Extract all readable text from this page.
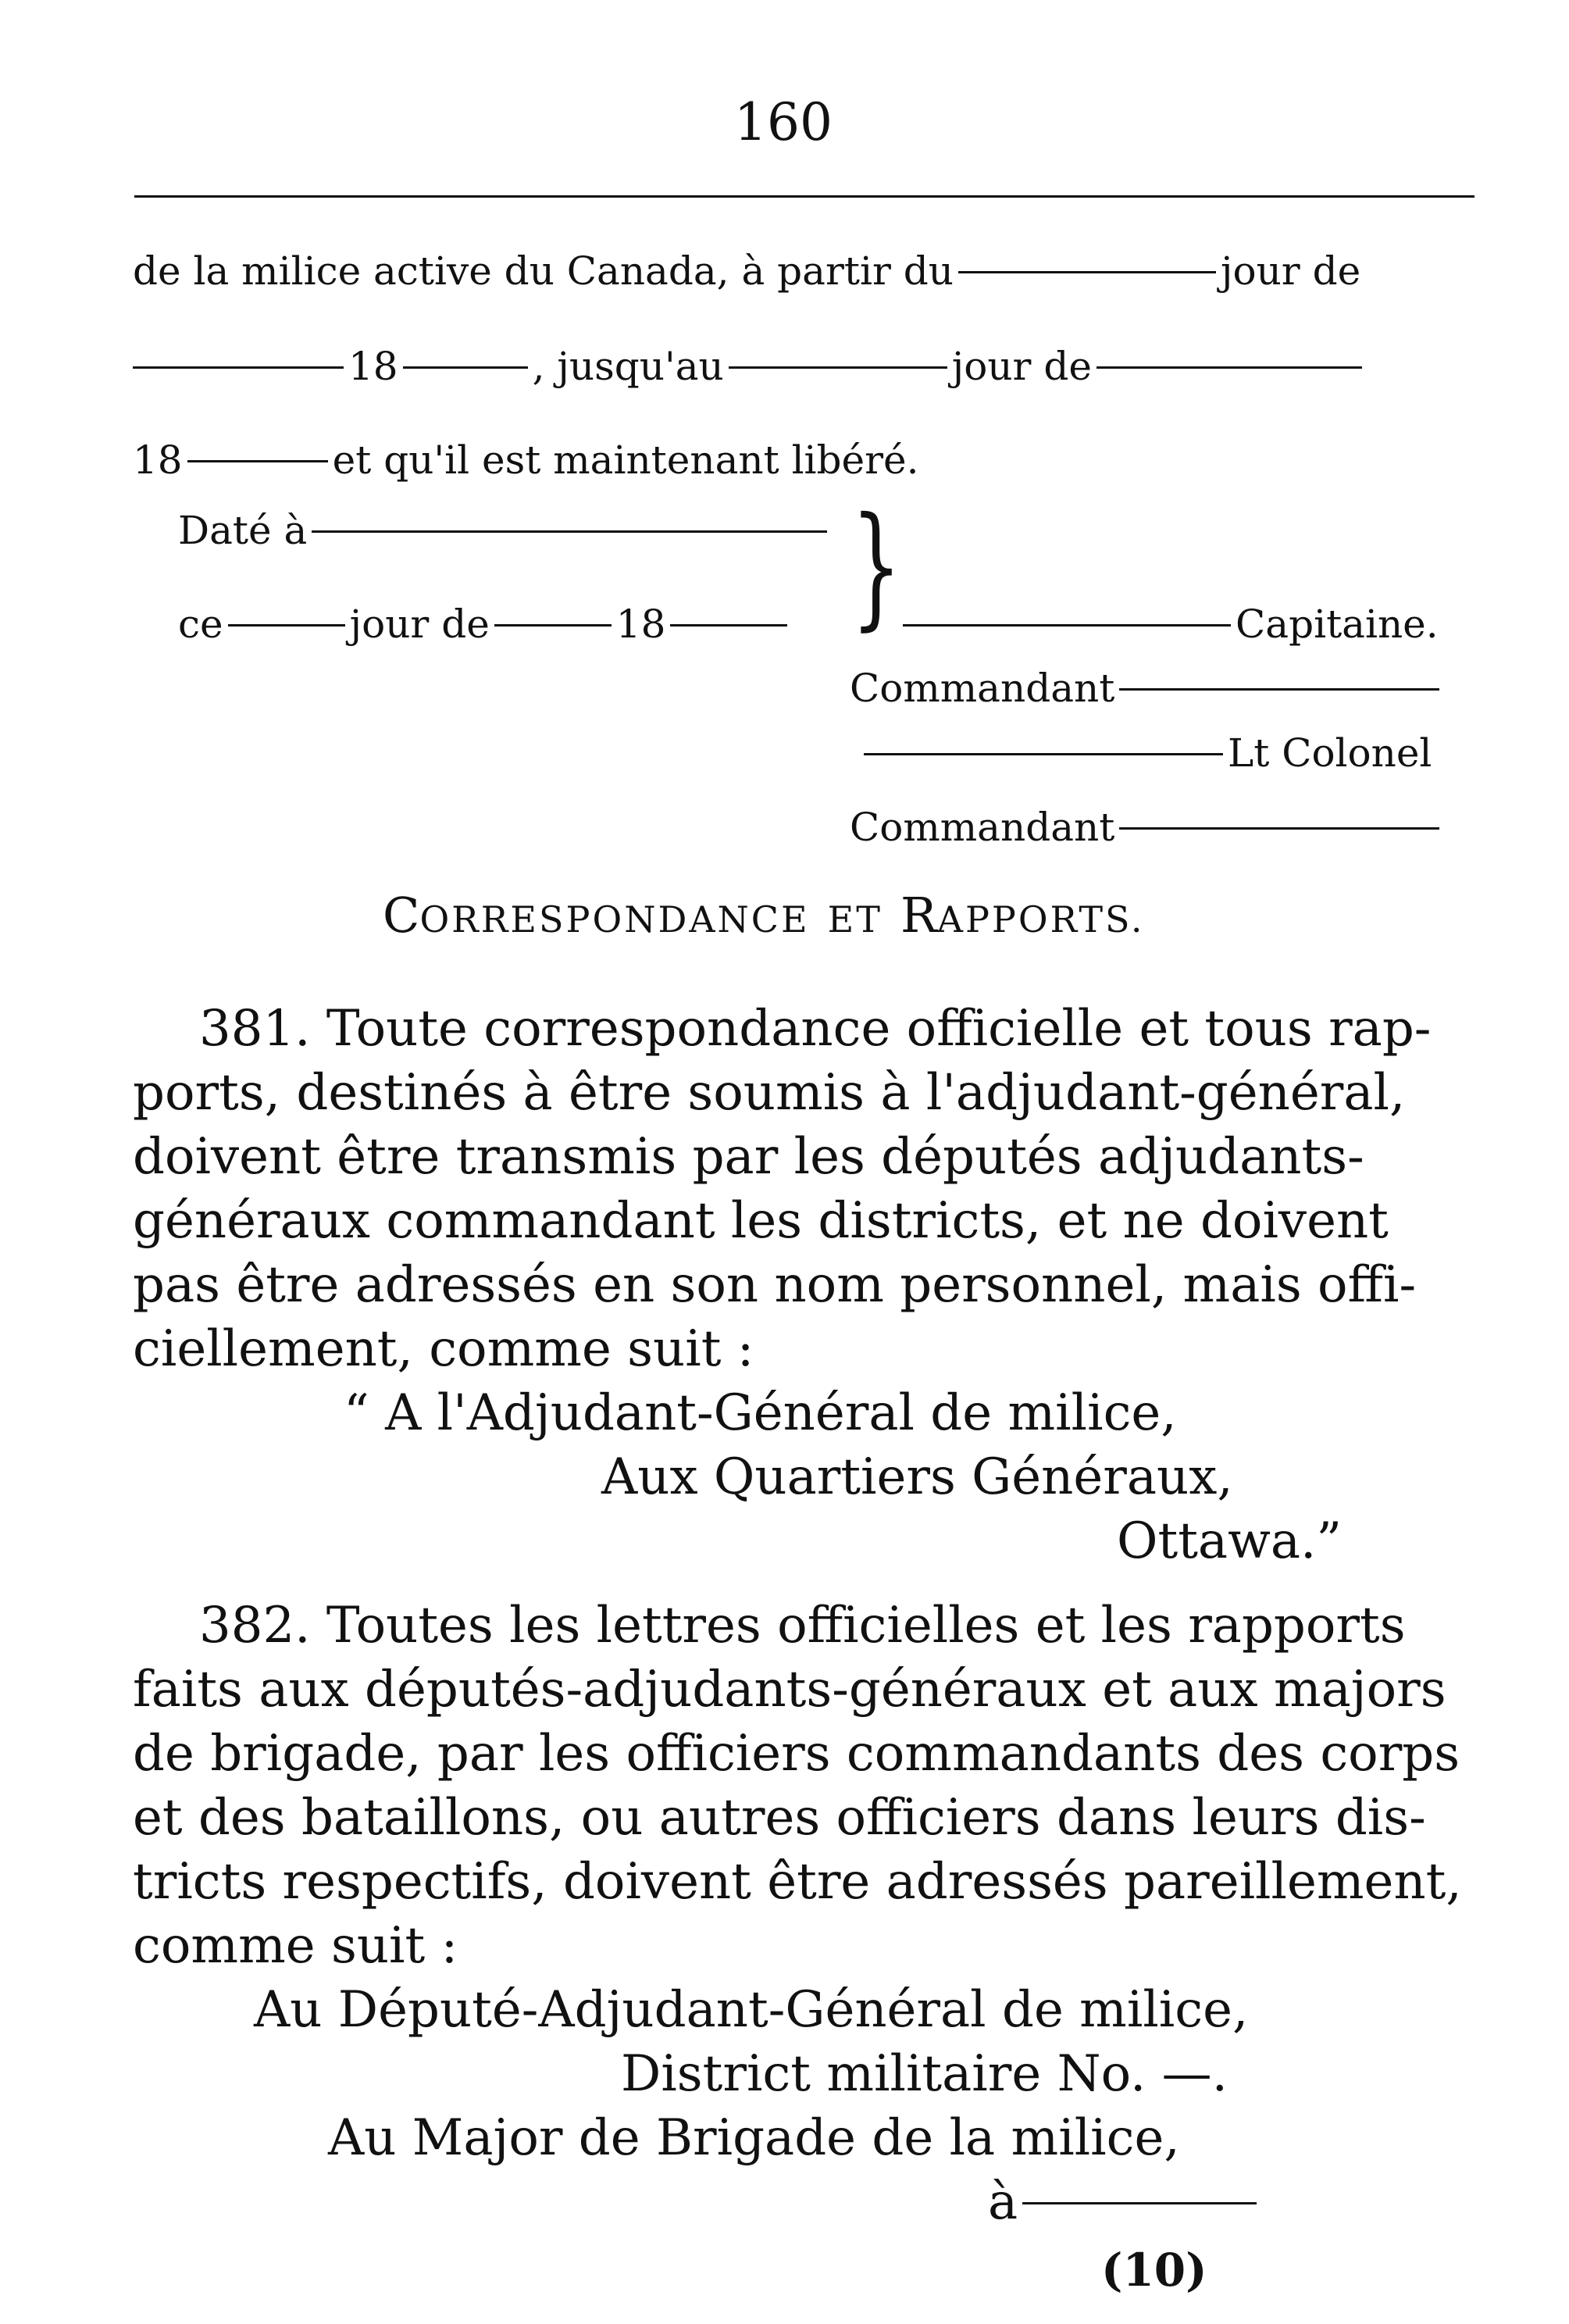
160
de la milice active du Canada, à partir du	jour de
18	, jusqu'au	jour de
18	et qu'il est maintenant libéré.
Daté à	}
ce	jour de	18	Capitaine.
Commandant
Lt Colonel
Commandant
CORRESPONDANCE ET RAPPORTS.
381. Toute correspondance officielle et tous rap-
ports, destinés à être soumis à l'adjudant-général,
doivent être transmis par les députés adjudants-
généraux commandant les districts, et ne doivent
pas être adressés en son nom personnel, mais offi-
ciellement, comme suit :
“ A l'Adjudant-Général de milice,
Aux Quartiers Généraux,
Ottawa.”
382. Toutes les lettres officielles et les rapports
faits aux députés-adjudants-généraux et aux majors
de brigade, par les officiers commandants des corps
et des bataillons, ou autres officiers dans leurs dis-
tricts respectifs, doivent être adressés pareillement,
comme suit :
Au Député-Adjudant-Général de milice,
District militaire No. —.
Au Major de Brigade de la milice,
à
(10)
